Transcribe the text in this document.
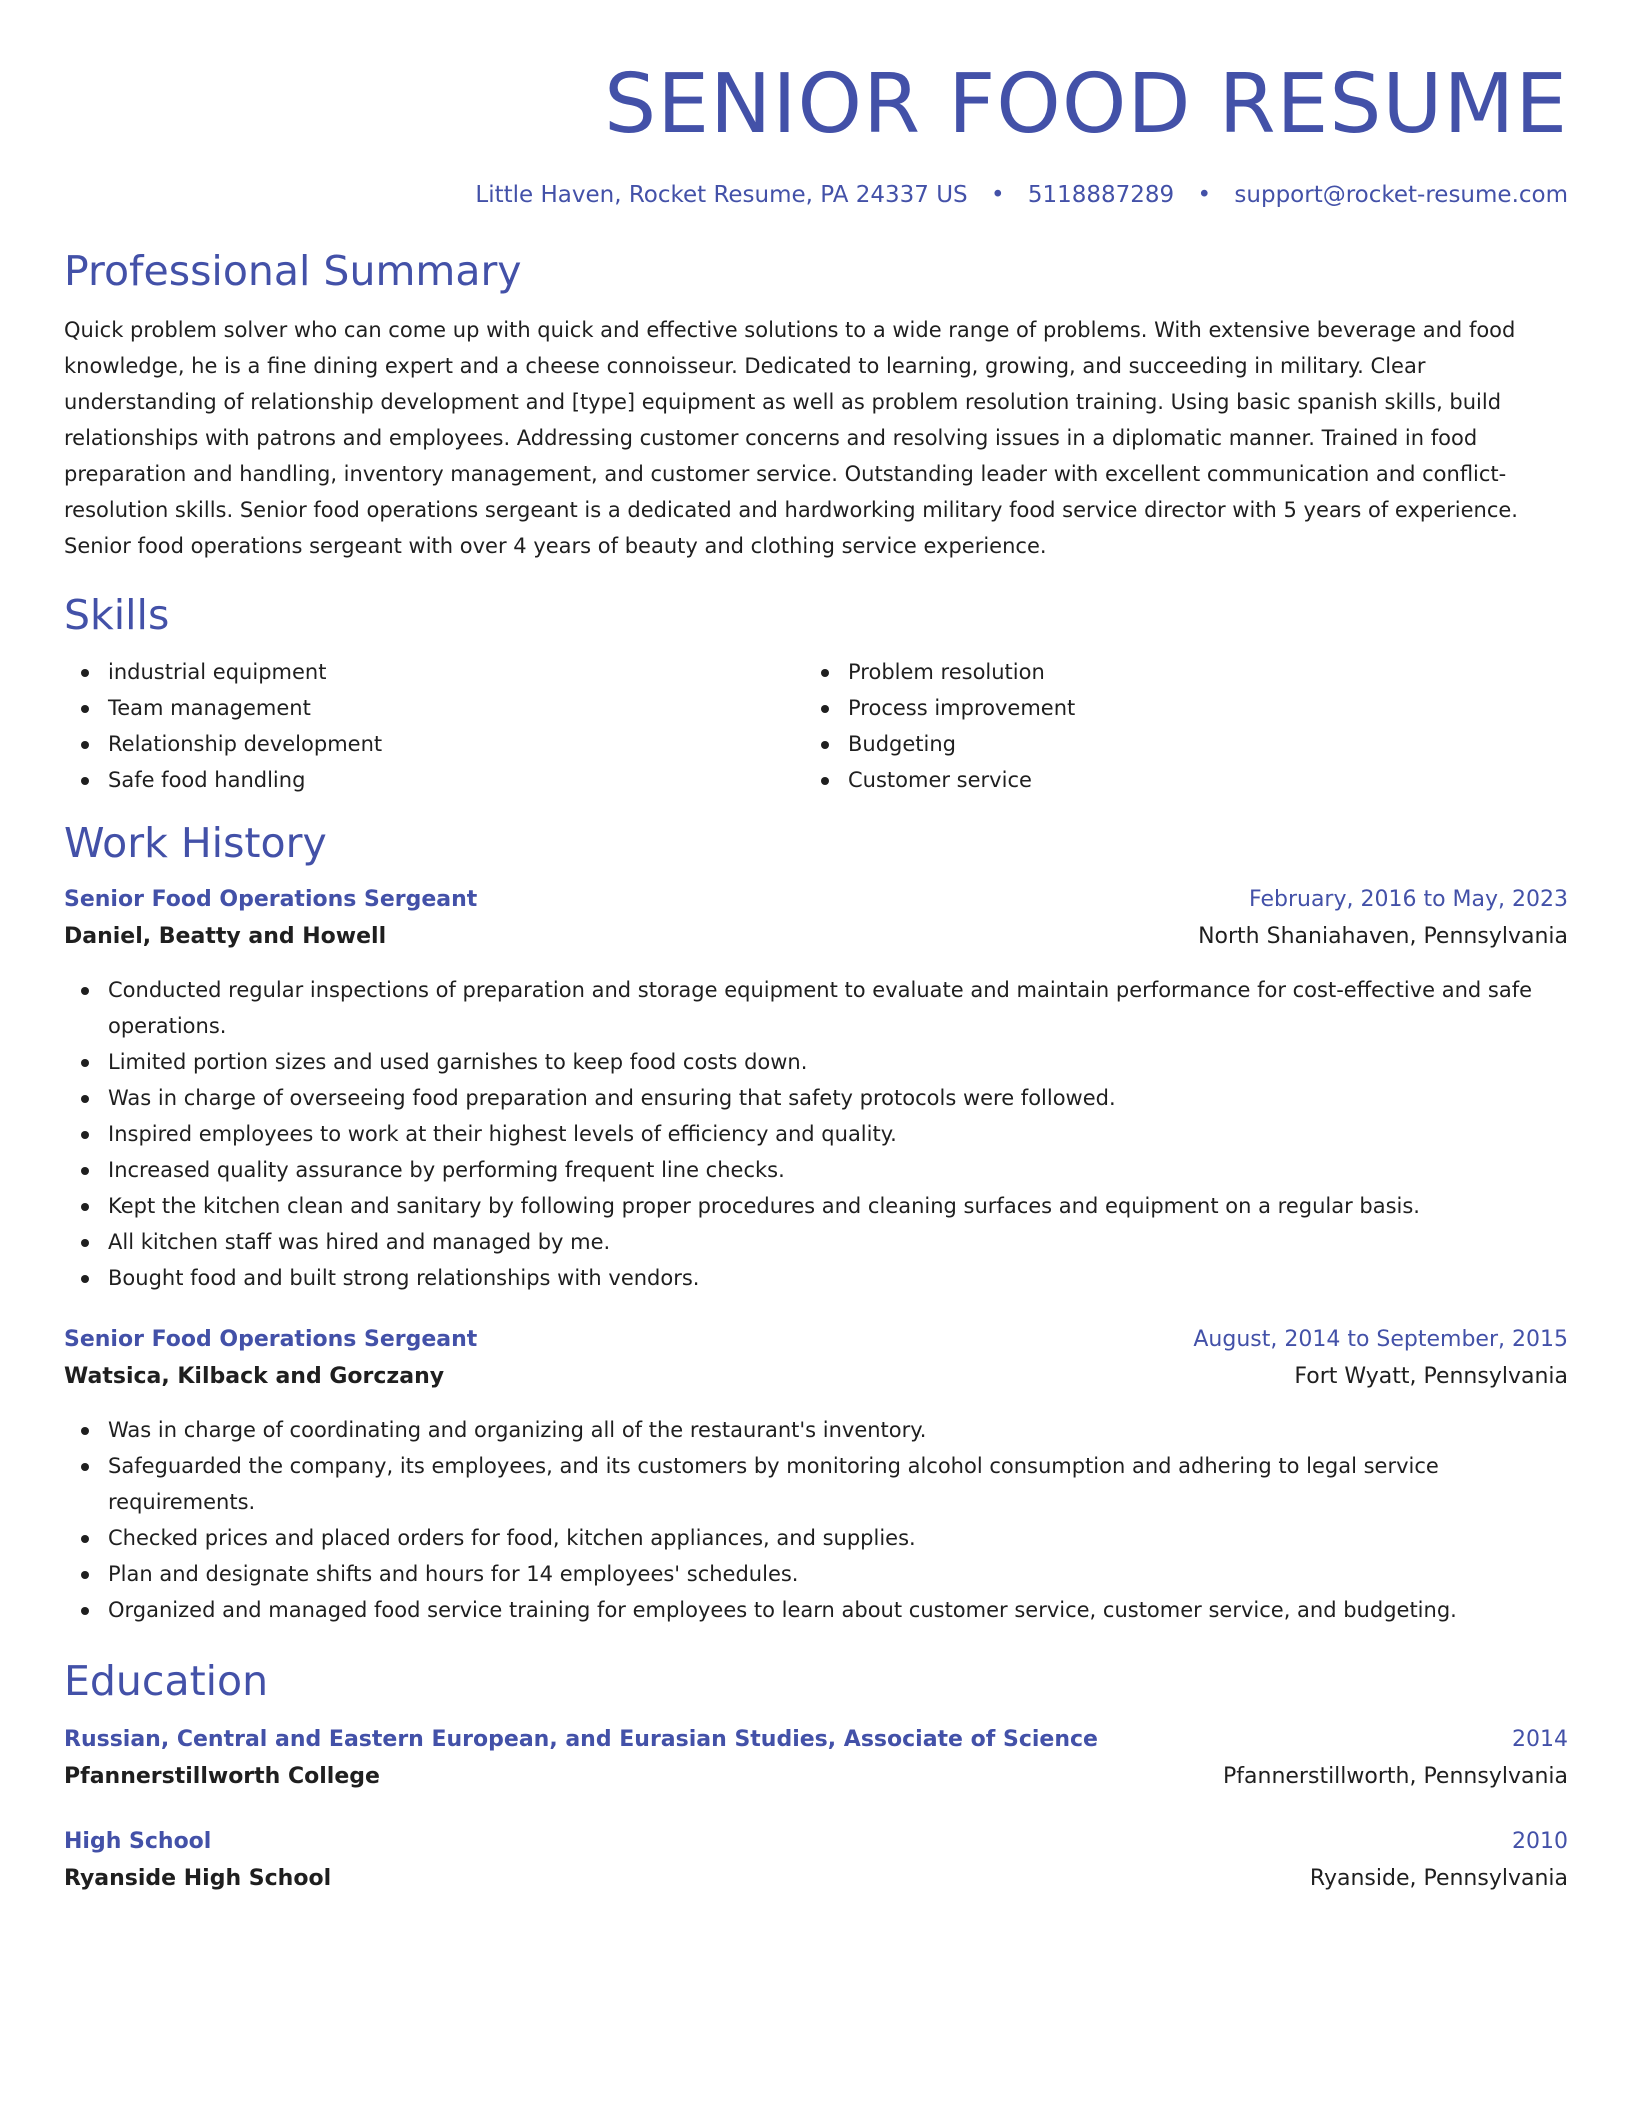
SENIOR FOOD RESUME
Little Haven, Rocket Resume, PA 24337 US • 5118887289 • support@rocket-resume.com
Professional Summary

Quick problem solver who can come up with quick and effective solutions to a wide range of problems. With extensive beverage and food knowledge, he is a fine dining expert and a cheese connoisseur. Dedicated to learning, growing, and succeeding in military. Clear understanding of relationship development and [type] equipment as well as problem resolution training. Using basic spanish skills, build relationships with patrons and employees. Addressing customer concerns and resolving issues in a diplomatic manner. Trained in food preparation and handling, inventory management, and customer service. Outstanding leader with excellent communication and conflict-resolution skills. Senior food operations sergeant is a dedicated and hardworking military food service director with 5 years of experience. Senior food operations sergeant with over 4 years of beauty and clothing service experience.

Skills
industrial equipment
Team management
Relationship development
Safe food handling
Problem resolution
Process improvement
Budgeting
Customer service
Work History
Senior Food Operations Sergeant	February, 2016 to May, 2023
Daniel, Beatty and Howell	North Shaniahaven, Pennsylvania
Conducted regular inspections of preparation and storage equipment to evaluate and maintain performance for cost-effective and safe operations.
Limited portion sizes and used garnishes to keep food costs down.
Was in charge of overseeing food preparation and ensuring that safety protocols were followed.
Inspired employees to work at their highest levels of efficiency and quality.
Increased quality assurance by performing frequent line checks.
Kept the kitchen clean and sanitary by following proper procedures and cleaning surfaces and equipment on a regular basis.
All kitchen staff was hired and managed by me.
Bought food and built strong relationships with vendors.
Senior Food Operations Sergeant	August, 2014 to September, 2015
Watsica, Kilback and Gorczany	Fort Wyatt, Pennsylvania
Was in charge of coordinating and organizing all of the restaurant's inventory.
Safeguarded the company, its employees, and its customers by monitoring alcohol consumption and adhering to legal service requirements.
Checked prices and placed orders for food, kitchen appliances, and supplies.
Plan and designate shifts and hours for 14 employees' schedules.
Organized and managed food service training for employees to learn about customer service, customer service, and budgeting.
Education
Russian, Central and Eastern European, and Eurasian Studies, Associate of Science	2014
Pfannerstillworth College	Pfannerstillworth, Pennsylvania
High School	2010
Ryanside High School	Ryanside, Pennsylvania
